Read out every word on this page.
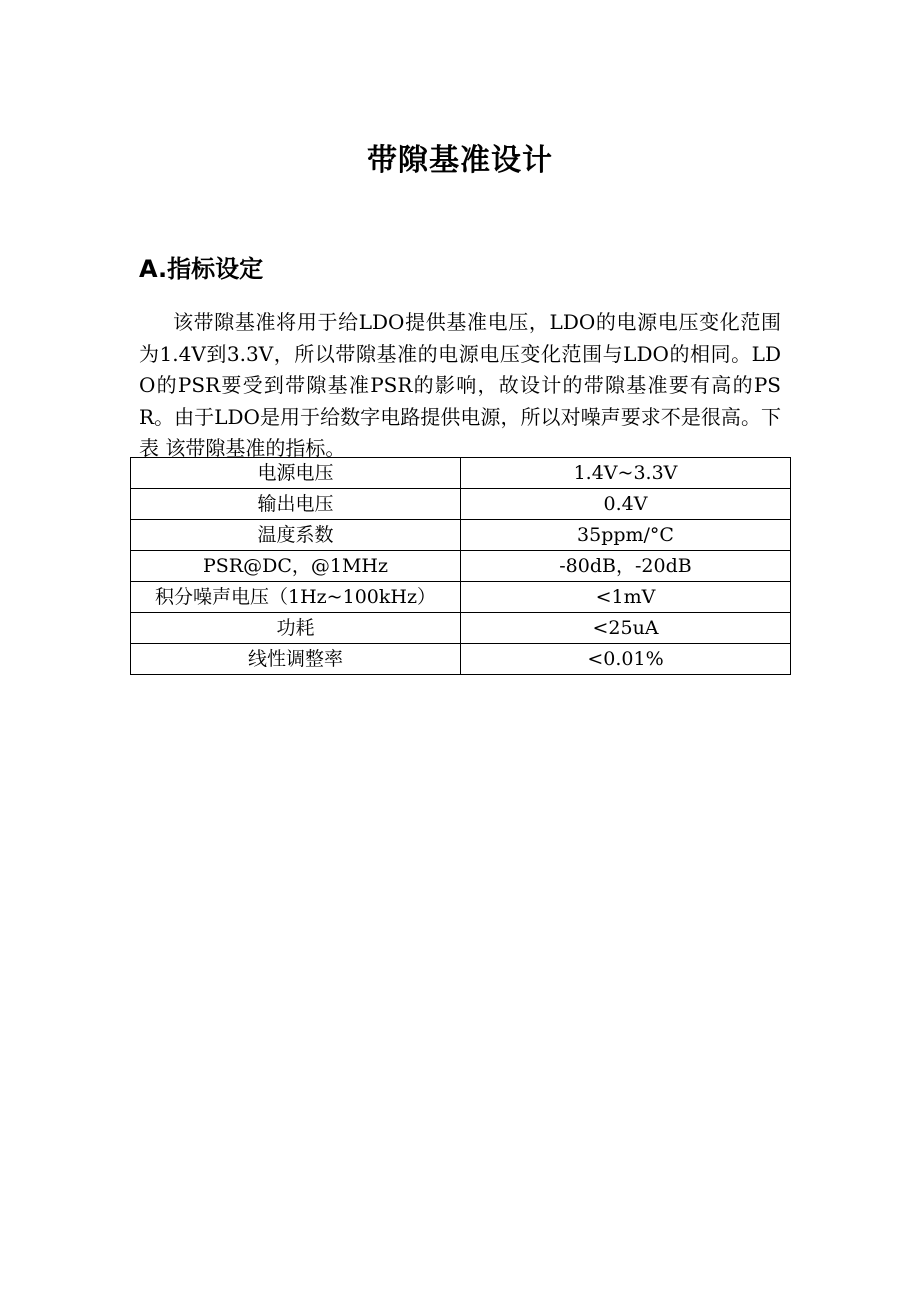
带隙基准设计
A.指标设定

该带隙基准将用于给LDO提供基准电压，LDO的电源电压变化范围为1.4V到3.3V，所以带隙基准的电源电压变化范围与LDO的相同。LDO的PSR要受到带隙基准PSR的影响，故设计的带隙基准要有高的PSR。由于LDO是用于给数字电路提供电源，所以对噪声要求不是很高。下表 该带隙基准的指标。

电源电压	1.4V~3.3V
输出电压	0.4V
温度系数	35ppm/°C
PSR@DC，@1MHz	-80dB，-20dB
积分噪声电压（1Hz~100kHz）	<1mV
功耗	<25uA
线性调整率	<0.01%
